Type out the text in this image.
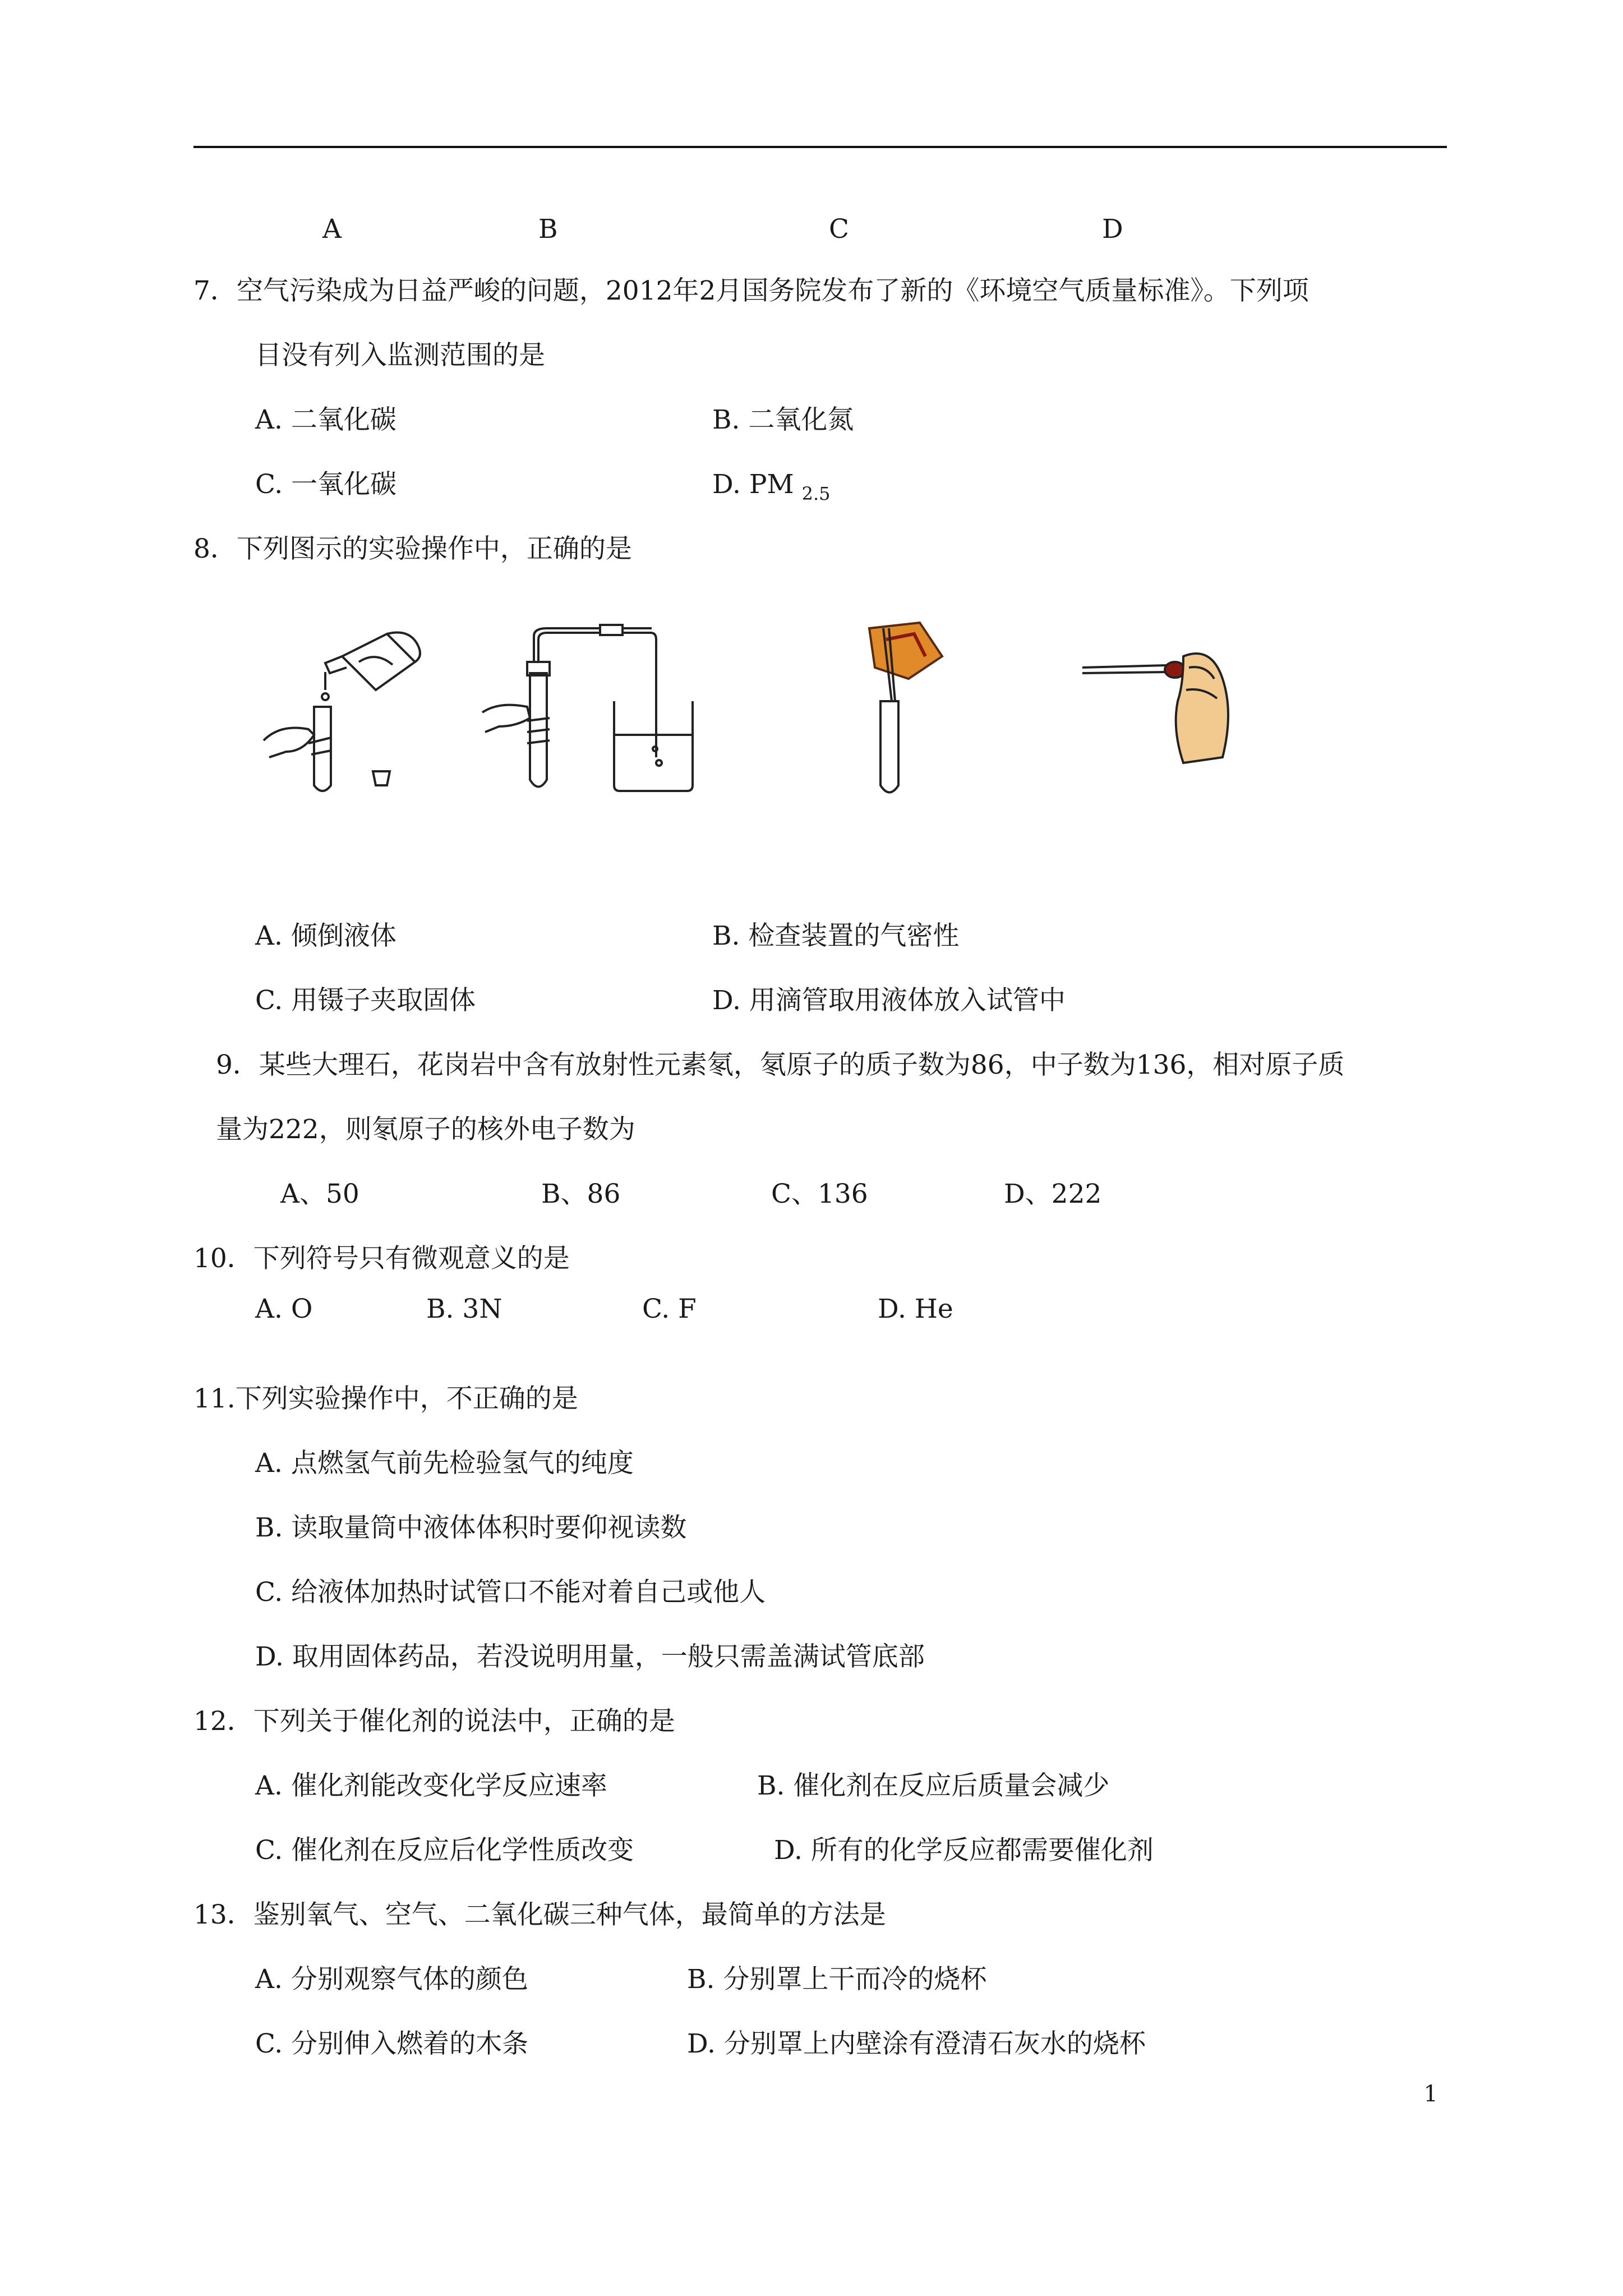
A	B	C	D
7．空气污染成为日益严峻的问题，2012年2月国务院发布了新的《环境空气质量标准》。下列项
目没有列入监测范围的是
A. 二氧化碳	B. 二氧化氮
C. 一氧化碳	D. PM $_{2.5}$
8．下列图示的实验操作中，正确的是
A. 倾倒液体	B. 检查装置的气密性
C. 用镊子夹取固体	D. 用滴管取用液体放入试管中
9．某些大理石，花岗岩中含有放射性元素氡，氡原子的质子数为86，中子数为136，相对原子质
量为222，则氡原子的核外电子数为
A、50	B、86	C、136	D、222
10．下列符号只有微观意义的是
A. O	B. 3N	C. F	D. He
11.下列实验操作中，不正确的是
A. 点燃氢气前先检验氢气的纯度
B. 读取量筒中液体体积时要仰视读数
C. 给液体加热时试管口不能对着自己或他人
D. 取用固体药品，若没说明用量，一般只需盖满试管底部
12．下列关于催化剂的说法中，正确的是
A. 催化剂能改变化学反应速率	B. 催化剂在反应后质量会减少
C. 催化剂在反应后化学性质改变	D. 所有的化学反应都需要催化剂
13．鉴别氧气、空气、二氧化碳三种气体，最简单的方法是
A. 分别观察气体的颜色	B. 分别罩上干而冷的烧杯
C. 分别伸入燃着的木条	D. 分别罩上内壁涂有澄清石灰水的烧杯
1
